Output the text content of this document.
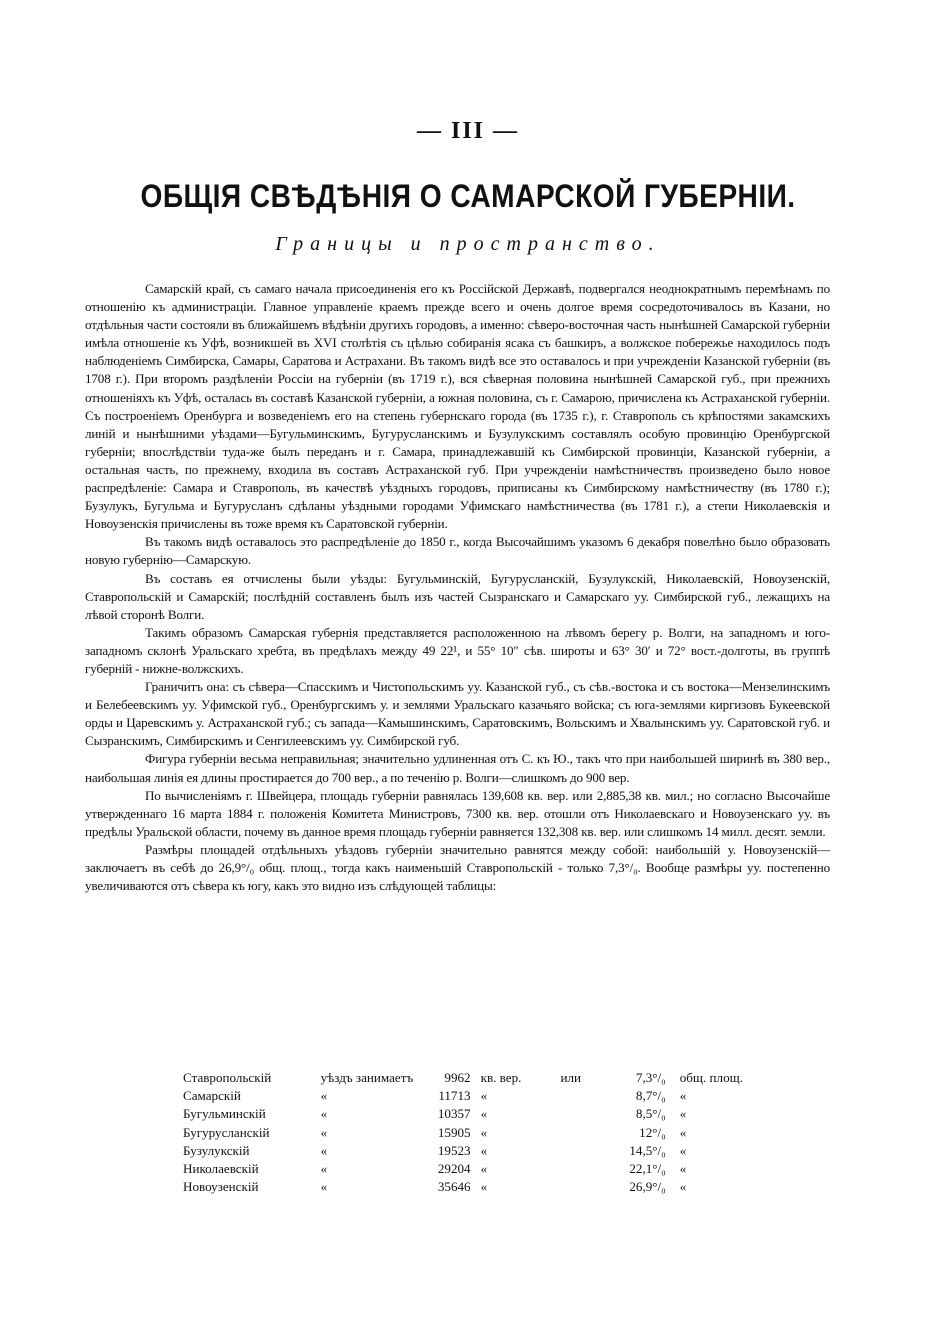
— III —
ОБЩІЯ СВѢДѢНІЯ О САМАРСКОЙ ГУБЕРНІИ.
Границы и пространство.

Самарскій край, съ самаго начала присоединенія его къ Россійской Державѣ, подвергался неоднократнымъ перемѣнамъ по отношенію къ администраціи. Главное управленіе краемъ прежде всего и очень долгое время сосредоточивалось въ Казани, но отдѣльныя части состояли въ ближайшемъ вѣдѣніи другихъ городовъ, а именно: сѣверо-восточная часть нынѣшней Самарской губерніи имѣла отношеніе къ Уфѣ, возникшей въ XVI столѣтія съ цѣлью собиранія ясака съ башкиръ, а волжское побережье находилось подъ наблюденіемъ Симбирска, Самары, Саратова и Астрахани. Въ такомъ видѣ все это оставалось и при учрежденіи Казанской губерніи (въ 1708 г.). При второмъ раздѣленіи Россіи на губерніи (въ 1719 г.), вся сѣверная половина нынѣшней Самарской губ., при прежнихъ отношеніяхъ къ Уфѣ, осталась въ составѣ Казанской губерніи, а южная половина, съ г. Самарою, причислена къ Астраханской губерніи. Съ построеніемъ Оренбурга и возведеніемъ его на степень губернскаго города (въ 1735 г.), г. Ставрополь съ крѣпостями закамскихъ линій и нынѣшними уѣздами—Бугульминскимъ, Бугурусланскимъ и Бузулукскимъ составлялъ особую провинцію Оренбургской губерніи; впослѣдствіи туда-же былъ переданъ и г. Самара, принадлежавшій къ Симбирской провинціи, Казанской губерніи, а остальная часть, по прежнему, входила въ составъ Астраханской губ. При учрежденіи намѣстничествъ произведено было новое распредѣленіе: Самара и Ставрополь, въ качествѣ уѣздныхъ городовъ, приписаны къ Симбирскому намѣстничеству (въ 1780 г.); Бузулукъ, Бугульма и Бугурусланъ сдѣланы уѣздными городами Уфимскаго намѣстничества (въ 1781 г.), а степи Николаевскія и Новоузенскія причислены въ тоже время къ Саратовской губерніи.

Въ такомъ видѣ оставалось это распредѣленіе до 1850 г., когда Высочайшимъ указомъ 6 декабря повелѣно было образовать новую губернію—Самарскую.

Въ составъ ея отчислены были уѣзды: Бугульминскій, Бугурусланскій, Бузулукскій, Николаевскій, Новоузенскій, Ставропольскій и Самарскій; послѣдній составленъ былъ изъ частей Сызранскаго и Самарскаго уу. Симбирской губ., лежащихъ на лѣвой сторонѣ Волги.

Такимъ образомъ Самарская губернія представляется расположенною на лѣвомъ берегу р. Волги, на западномъ и юго-западномъ склонѣ Уральскаго хребта, въ предѣлахъ между 49 22¹, и 55° 10″ сѣв. широты и 63° 30′ и 72° вост.-долготы, въ группѣ губерній - нижне-волжскихъ.

Граничитъ она: съ сѣвера—Спасскимъ и Чистопольскимъ уу. Казанской губ., съ сѣв.-востока и съ востока—Мензелинскимъ и Белебеевскимъ уу. Уфимской губ., Оренбургскимъ у. и землями Уральскаго казачьяго войска; съ юга-землями киргизовъ Букеевской орды и Царевскимъ у. Астраханской губ.; съ запада—Камышинскимъ, Саратовскимъ, Вольскимъ и Хвалынскимъ уу. Саратовской губ. и Сызранскимъ, Симбирскимъ и Сенгилеевскимъ уу. Симбирской губ.

Фигура губерніи весьма неправильная; значительно удлиненная отъ С. къ Ю., такъ что при наибольшей ширинѣ въ 380 вер., наибольшая линія ея длины простирается до 700 вер., а по теченію р. Волги—слишкомъ до 900 вер.

По вычисленіямъ г. Швейцера, площадь губерніи равнялась 139,608 кв. вер. или 2,885,38 кв. мил.; но согласно Высочайше утвержденнаго 16 марта 1884 г. положенія Комитета Министровъ, 7300 кв. вер. отошли отъ Николаевскаго и Новоузенскаго уу. въ предѣлы Уральской области, почему въ данное время площадь губерніи равняется 132,308 кв. вер. или слишкомъ 14 милл. десят. земли.

Размѣры площадей отдѣльныхъ уѣздовъ губерніи значительно равнятся между собой: наибольшій у. Новоузенскій—заключаетъ въ себѣ до 26,9°/₀ общ. площ., тогда какъ наименьшій Ставропольскій - только 7,3°/₀. Вообще размѣры уу. постепенно увеличиваются отъ сѣвера къ югу, какъ это видно изъ слѣдующей таблицы:

Ставропольскій	уѣздъ занимаетъ	9962	кв. вер.	или	7,3°/₀	общ. площ.
Самарскій	«	11713	«		8,7°/₀	«
Бугульминскій	«	10357	«		8,5°/₀	«
Бугурусланскій	«	15905	«		12°/₀	«
Бузулукскій	«	19523	«		14,5°/₀	«
Николаевскій	«	29204	«		22,1°/₀	«
Новоузенскій	«	35646	«		26,9°/₀	«
